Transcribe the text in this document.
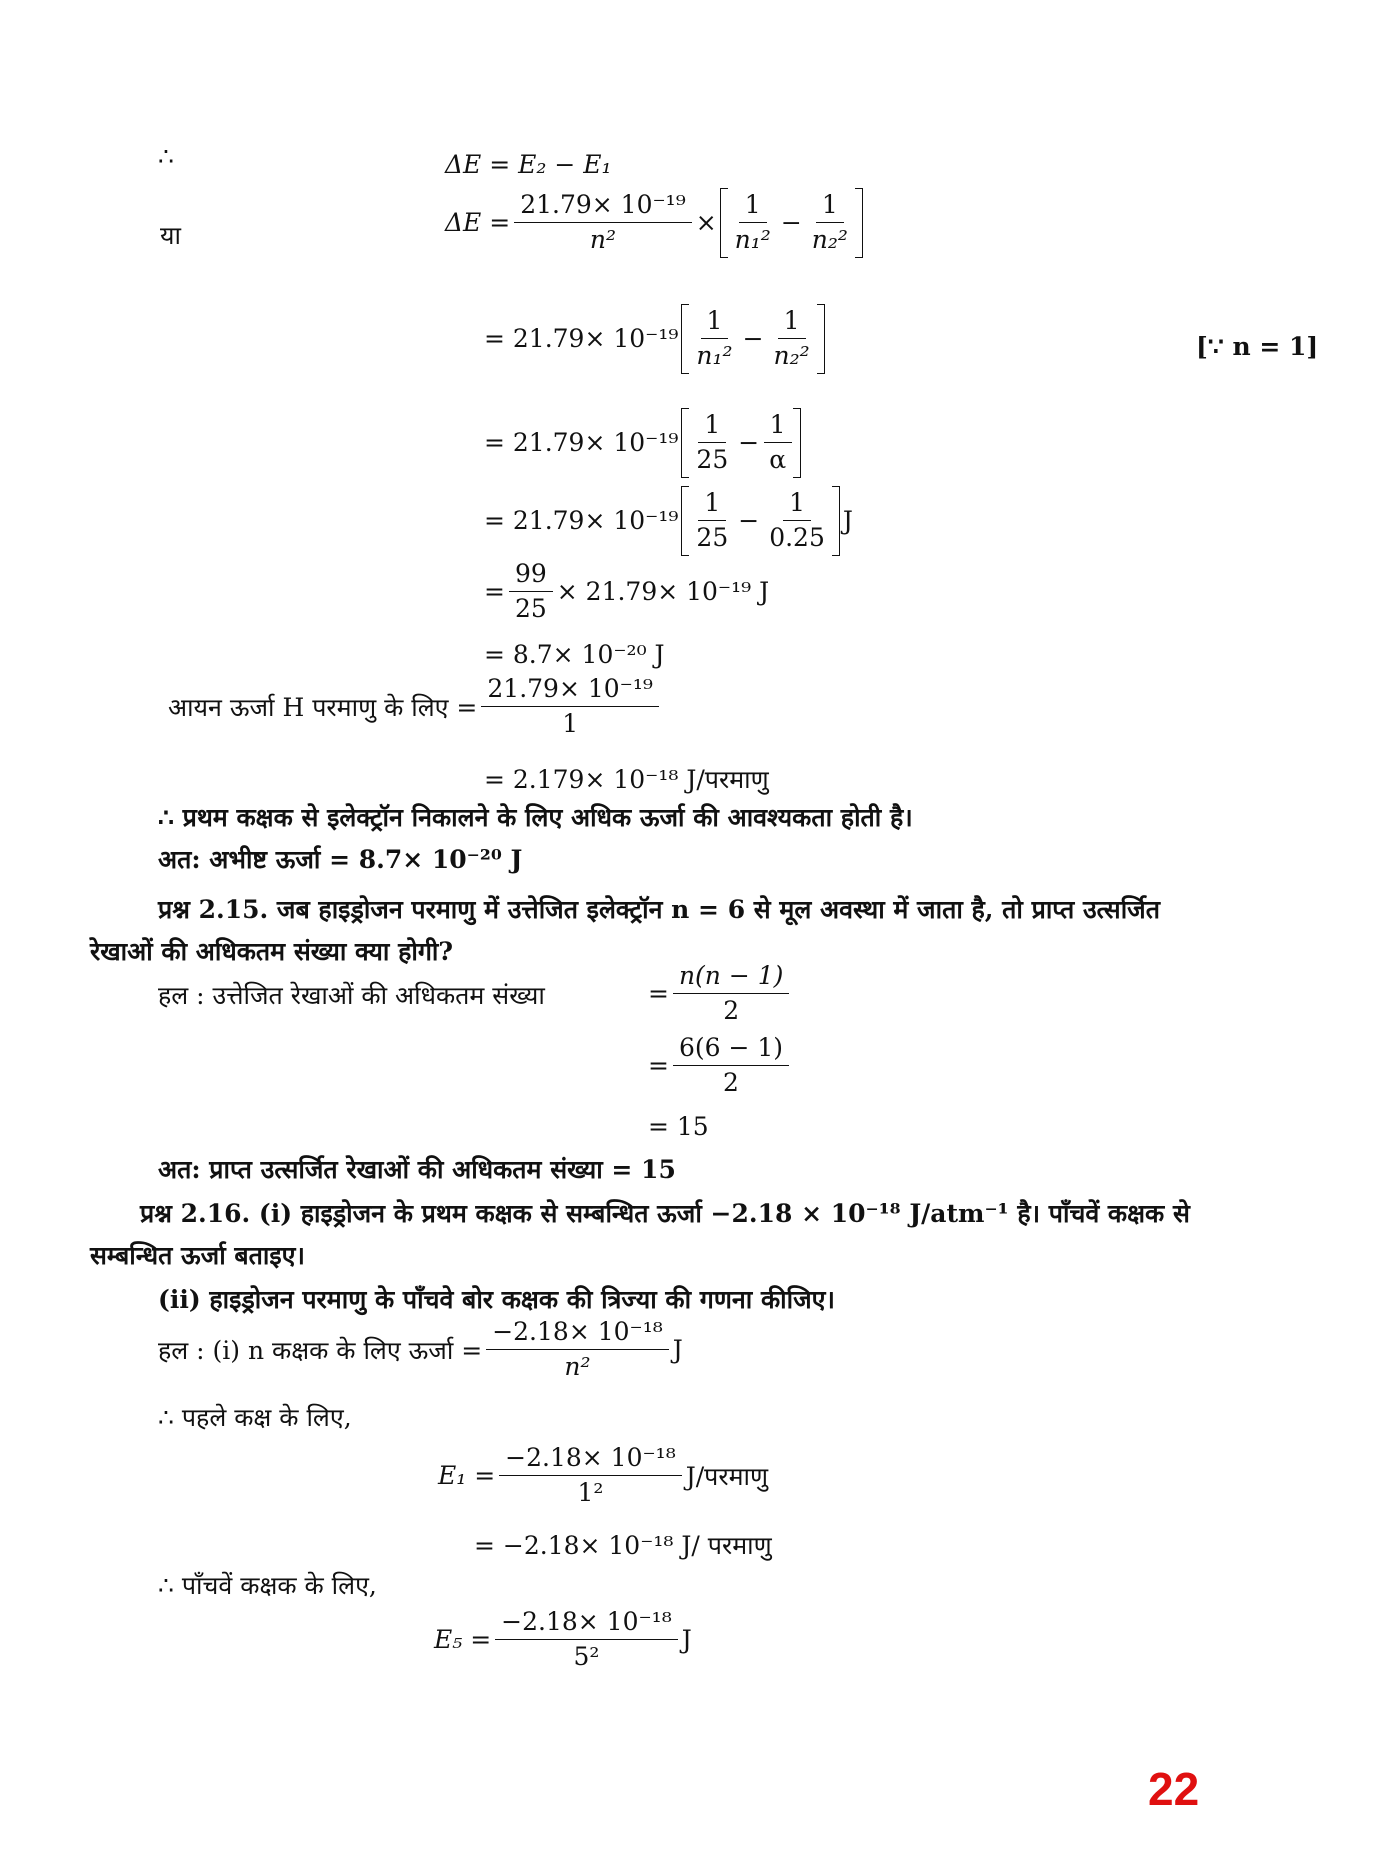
∴	ΔE = E₂ − E₁
या	$\Delta E = \frac{\text{21.79× 10⁻¹⁹}}{\text{n²}} \times \frac{1}{\text{n₁²}} - \frac{1}{\text{n₂²}}$
= $21.79\times 10^{-19} \frac{1}{\text{n₁²}} - \frac{1}{\text{n₂²}}$	[∵ n = 1]
= $21.79\times 10^{-19} \frac{1}{25} - \frac{1}{\alpha}$
= $21.79\times 10^{-19} \frac{1}{25} - \frac{1}{0.25}$ J
= $\frac{99}{25} \times 21.79\times 10^{-19}$ J
= 8.7× 10⁻²⁰ J
आयन ऊर्जा H परमाणु के लिए = $\frac{\text{21.79× 10⁻¹⁹}}{1}$
= 2.179× 10⁻¹⁸ J/परमाणु
∴ प्रथम कक्षक से इलेक्ट्रॉन निकालने के लिए अधिक ऊर्जा की आवश्यकता होती है।
अत: अभीष्ट ऊर्जा = 8.7× 10⁻²⁰ J
प्रश्न 2.15. जब हाइड्रोजन परमाणु में उत्तेजित इलेक्ट्रॉन n = 6 से मूल अवस्था में जाता है, तो प्राप्त उत्सर्जित
रेखाओं की अधिकतम संख्या क्या होगी?
हल : उत्तेजित रेखाओं की अधिकतम संख्या	= $\frac{n(n - 1)}{2}$
= $\frac{6(6 - 1)}{2}$
= 15
अत: प्राप्त उत्सर्जित रेखाओं की अधिकतम संख्या = 15
प्रश्न 2.16. (i) हाइड्रोजन के प्रथम कक्षक से सम्बन्धित ऊर्जा −2.18 × 10⁻¹⁸ J/atm⁻¹ है। पाँचवें कक्षक से
सम्बन्धित ऊर्जा बताइए।
(ii) हाइड्रोजन परमाणु के पाँचवे बोर कक्षक की त्रिज्या की गणना कीजिए।
हल : (i) n कक्षक के लिए ऊर्जा = $\frac{\text{−2.18× 10⁻¹⁸}}{\text{n²}}$ J
∴ पहले कक्ष के लिए,
$E_1 = \frac{\text{−2.18× 10⁻¹⁸}}{\text{1²}}$ J/परमाणु
= −2.18× 10⁻¹⁸ J/ परमाणु
∴ पाँचवें कक्षक के लिए,
$E_5 = \frac{\text{−2.18× 10⁻¹⁸}}{\text{5²}}$ J
22
